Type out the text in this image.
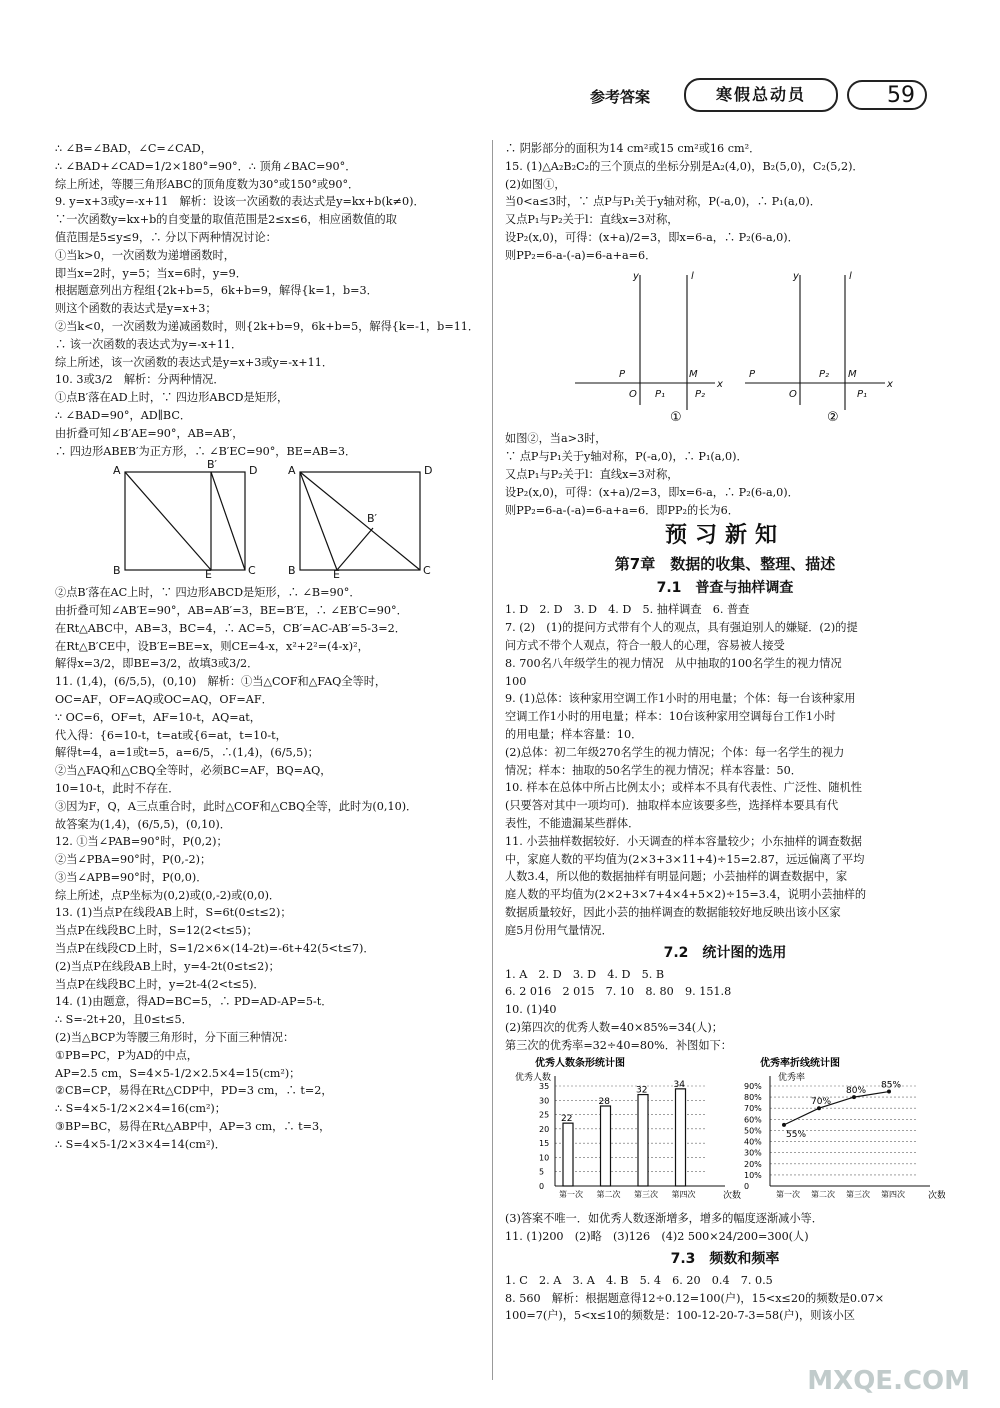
参考答案	寒假总动员	59

∴ ∠B=∠BAD，∠C=∠CAD，

∴ ∠BAD+∠CAD=1/2×180°=90°．∴ 顶角∠BAC=90°．

综上所述，等腰三角形ABC的顶角度数为30°或150°或90°．

9. y=x+3或y=-x+11　解析：设该一次函数的表达式是y=kx+b(k≠0)．

∵一次函数y=kx+b的自变量的取值范围是2≤x≤6，相应函数值的取

值范围是5≤y≤9，∴ 分以下两种情况讨论：

①当k>0，一次函数为递增函数时，

即当x=2时，y=5；当x=6时，y=9．

根据题意列出方程组{2k+b=5，6k+b=9，解得{k=1，b=3．

则这个函数的表达式是y=x+3；

②当k<0，一次函数为递减函数时，则{2k+b=9，6k+b=5，解得{k=-1，b=11．

∴ 该一次函数的表达式为y=-x+11．

综上所述，该一次函数的表达式是y=x+3或y=-x+11．

10. 3或3/2　解析：分两种情况．

①点B′落在AD上时，∵ 四边形ABCD是矩形，

∴ ∠BAD=90°，AD∥BC．

由折叠可知∠B′AE=90°，AB=AB′，

∴ 四边形ABEB′为正方形，∴ ∠B′EC=90°，BE=AB=3．

A	B′	D
B	E	C
A	D
B′
B	E	C

②点B′落在AC上时，∵ 四边形ABCD是矩形，∴ ∠B=90°．

由折叠可知∠AB′E=90°，AB=AB′=3，BE=B′E，∴ ∠EB′C=90°．

在Rt△ABC中，AB=3，BC=4，∴ AC=5，CB′=AC-AB′=5-3=2．

在Rt△B′CE中，设B′E=BE=x，则CE=4-x，x²+2²=(4-x)²，

解得x=3/2，即BE=3/2，故填3或3/2．

11. (1,4)，(6/5,5)，(0,10)　解析：①当△COF和△FAQ全等时，

OC=AF，OF=AQ或OC=AQ，OF=AF．

∵ OC=6，OF=t，AF=10-t，AQ=at，

代入得：{6=10-t，t=at或{6=at，t=10-t，

解得t=4，a=1或t=5，a=6/5，∴(1,4)，(6/5,5)；

②当△FAQ和△CBQ全等时，必须BC=AF，BQ=AQ，

10=10-t，此时不存在．

③因为F，Q，A三点重合时，此时△COF和△CBQ全等，此时为(0,10)．

故答案为(1,4)，(6/5,5)，(0,10)．

12. ①当∠PAB=90°时，P(0,2)；

②当∠PBA=90°时，P(0,-2)；

③当∠APB=90°时，P(0,0)．

综上所述，点P坐标为(0,2)或(0,-2)或(0,0)．

13. (1)当点P在线段AB上时，S=6t(0≤t≤2)；

当点P在线段BC上时，S=12(2<t≤5)；

当点P在线段CD上时，S=1/2×6×(14-2t)=-6t+42(5<t≤7)．

(2)当点P在线段AB上时，y=4-2t(0≤t≤2)；

当点P在线段BC上时，y=2t-4(2<t≤5)．

14. (1)由题意，得AD=BC=5，∴ PD=AD-AP=5-t．

∴ S=-2t+20，且0≤t≤5．

(2)当△BCP为等腰三角形时，分下面三种情况：

①PB=PC，P为AD的中点，

AP=2.5 cm，S=4×5-1/2×2.5×4=15(cm²)；

②CB=CP，易得在Rt△CDP中，PD=3 cm，∴ t=2，

∴ S=4×5-1/2×2×4=16(cm²)；

③BP=BC，易得在Rt△ABP中，AP=3 cm，∴ t=3，

∴ S=4×5-1/2×3×4=14(cm²)．

∴ 阴影部分的面积为14 cm²或15 cm²或16 cm²．

15. (1)△A₂B₂C₂的三个顶点的坐标分别是A₂(4,0)，B₂(5,0)，C₂(5,2)．

(2)如图①，

当0<a≤3时，∵ 点P与P₁关于y轴对称，P(-a,0)，∴ P₁(a,0)．

又点P₁与P₂关于l：直线x=3对称，

设P₂(x,0)，可得：(x+a)/2=3，即x=6-a，∴ P₂(6-a,0)．

则PP₂=6-a-(-a)=6-a+a=6．

y	l
x
P
O P₁
M
P₂
y	l
x
P
O
P₂ M
P₁
①	②

如图②，当a>3时，

∵ 点P与P₁关于y轴对称，P(-a,0)，∴ P₁(a,0)．

又点P₁与P₂关于l：直线x=3对称，

设P₂(x,0)，可得：(x+a)/2=3，即x=6-a，∴ P₂(6-a,0)．

则PP₂=6-a-(-a)=6-a+a=6．即PP₂的长为6．

预习新知
第7章　数据的收集、整理、描述
7.1　普查与抽样调查

1. D　2. D　3. D　4. D　5. 抽样调查　6. 普查

7. (2)　(1)的提问方式带有个人的观点，具有强迫别人的嫌疑．(2)的提

问方式不带个人观点，符合一般人的心理，容易被人接受

8. 700名八年级学生的视力情况　从中抽取的100名学生的视力情况

100

9. (1)总体：该种家用空调工作1小时的用电量；个体：每一台该种家用

空调工作1小时的用电量；样本：10台该种家用空调每台工作1小时

的用电量；样本容量：10．

(2)总体：初二年级270名学生的视力情况；个体：每一名学生的视力

情况；样本：抽取的50名学生的视力情况；样本容量：50．

10. 样本在总体中所占比例太小；或样本不具有代表性、广泛性、随机性

(只要答对其中一项均可)．抽取样本应该要多些，选择样本要具有代

表性，不能遗漏某些群体．

11. 小芸抽样数据较好．小天调查的样本容量较少；小东抽样的调查数据

中，家庭人数的平均值为(2×3+3×11+4)÷15=2.87，远远偏离了平均

人数3.4，所以他的数据抽样有明显问题；小芸抽样的调查数据中，家

庭人数的平均值为(2×2+3×7+4×4+5×2)÷15=3.4，说明小芸抽样的

数据质量较好，因此小芸的抽样调查的数据能较好地反映出该小区家

庭5月份用气量情况．

7.2　统计图的选用

1. A　2. D　3. D　4. D　5. B

6. 2 016　2 015　7. 10　8. 80　9. 151.8

10. (1)40

(2)第四次的优秀人数=40×85%=34(人)；

第三次的优秀率=32÷40=80%．补图如下：

优秀人数条形统计图
优秀人数
次数
0
5
10
15
20
25
30
35
22
第一次
28
第二次
32
第三次
34
第四次
优秀率折线统计图
优秀率
次数
0
10%
20%
30%
40%
50%
60%
70%
80%
90%
55%
第一次
70%
第二次
80%
第三次
85%
第四次

(3)答案不唯一．如优秀人数逐渐增多，增多的幅度逐渐减小等．

11. (1)200　(2)略　(3)126　(4)2 500×24/200=300(人)

7.3　频数和频率

1. C　2. A　3. A　4. B　5. 4　6. 20　0.4　7. 0.5

8. 560　解析：根据题意得12÷0.12=100(户)，15<x≤20的频数是0.07×

100=7(户)，5<x≤10的频数是：100-12-20-7-3=58(户)，则该小区

MXQE.COM
